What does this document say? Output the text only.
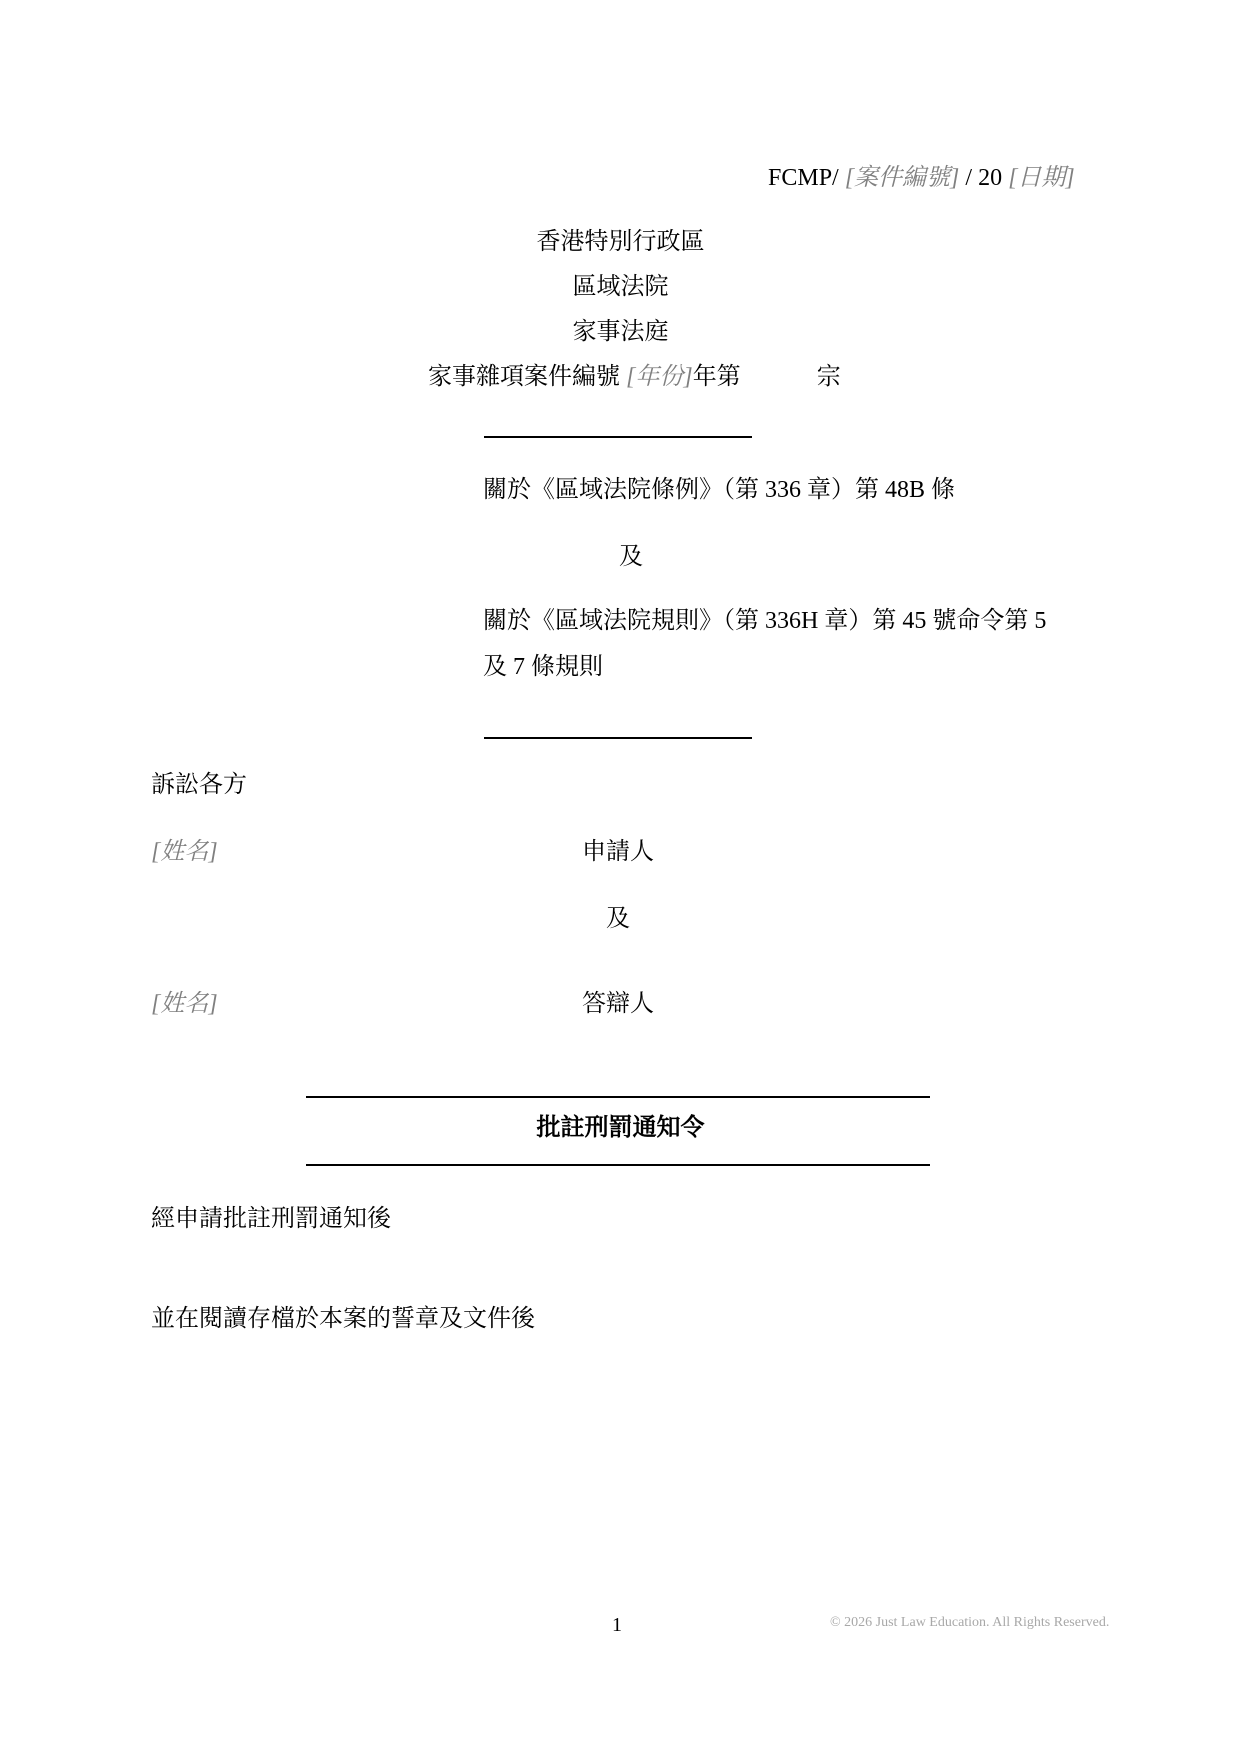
FCMP/ [案件編號] / 20 [日期]
香港特別行政區
區域法院
家事法庭
家事雜項案件編號 [年份]年第	宗
關於《區域法院條例》（第 336 章）第 48B 條
及
關於《區域法院規則》（第 336H 章）第 45 號命令第 5
及 7 條規則
訴訟各方
[姓名]	申請人
及
[姓名]	答辯人
批註刑罰通知令
經申請批註刑罰通知後
並在閱讀存檔於本案的誓章及文件後
1	© 2026 Just Law Education. All Rights Reserved.
